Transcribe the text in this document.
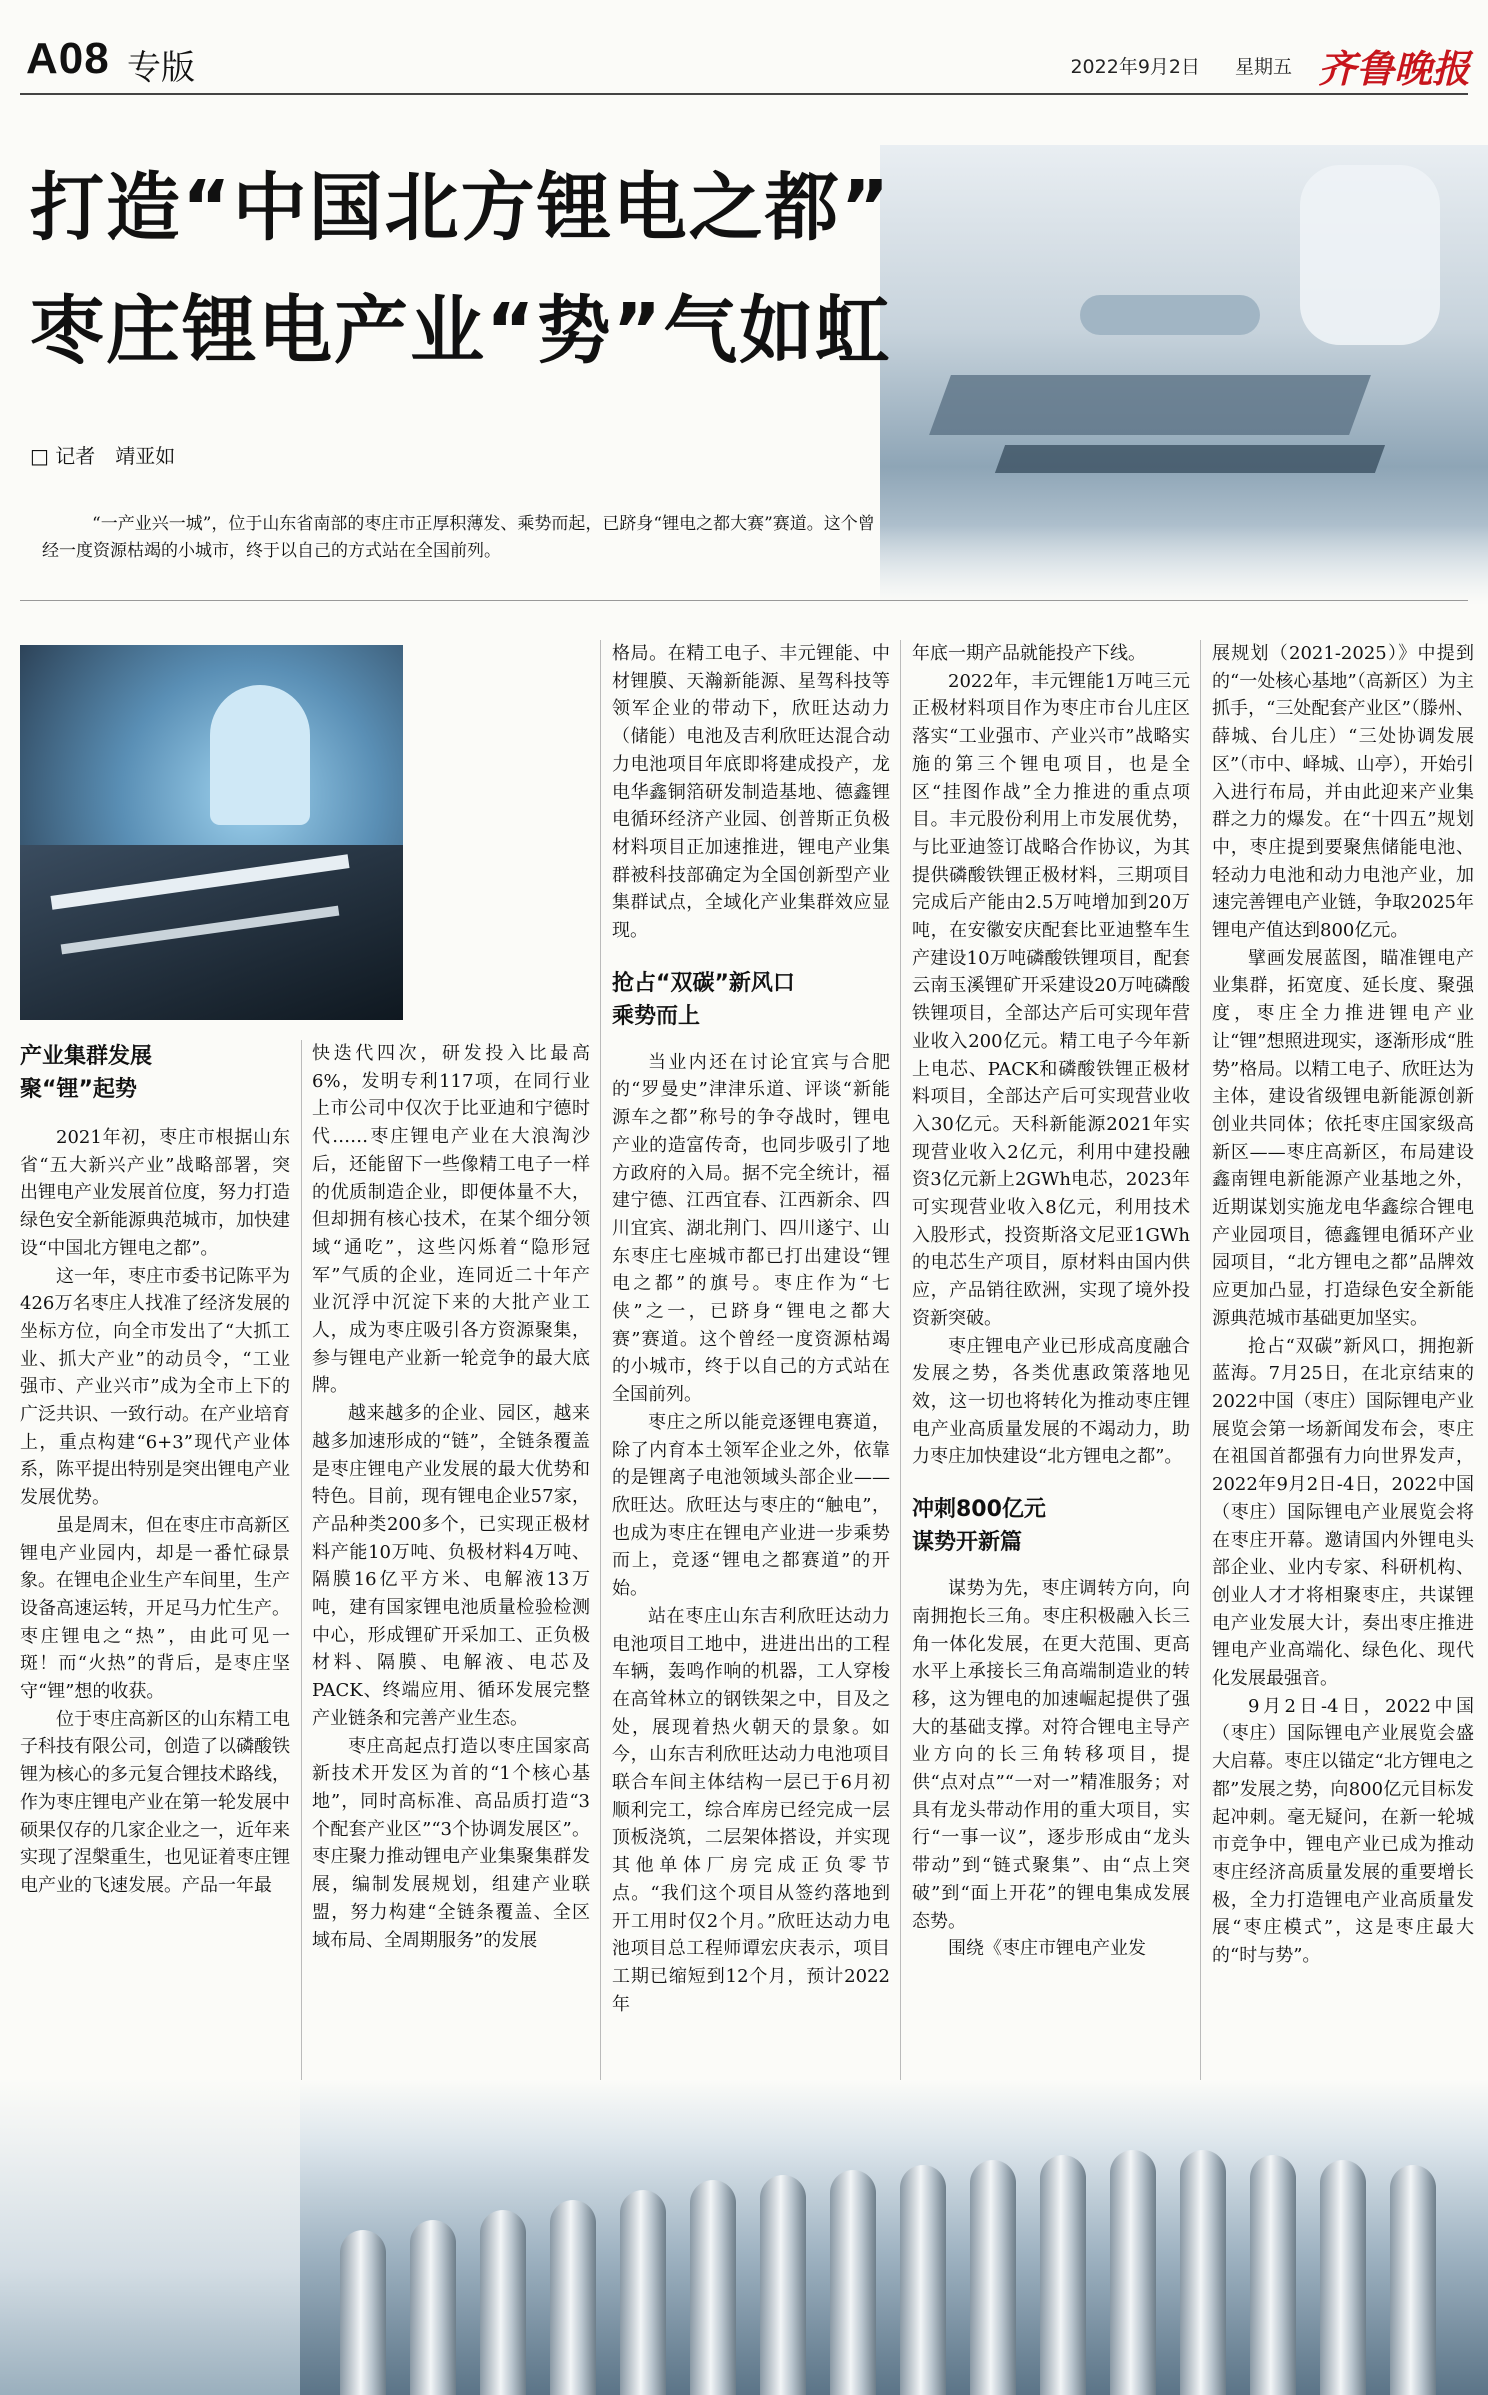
A08 专版	2022年9月2日 星期五 齐鲁晚报
打造“中国北方锂电之都”
枣庄锂电产业“势”气如虹
□ 记者　靖亚如
“一产业兴一城”，位于山东省南部的枣庄市正厚积薄发、乘势而起，已跻身“锂电之都大赛”赛道。这个曾经一度资源枯竭的小城市，终于以自己的方式站在全国前列。
产业集群发展
聚“锂”起势

2021年初，枣庄市根据山东省“五大新兴产业”战略部署，突出锂电产业发展首位度，努力打造绿色安全新能源典范城市，加快建设“中国北方锂电之都”。

这一年，枣庄市委书记陈平为426万名枣庄人找准了经济发展的坐标方位，向全市发出了“大抓工业、抓大产业”的动员令，“工业强市、产业兴市”成为全市上下的广泛共识、一致行动。在产业培育上，重点构建“6+3”现代产业体系，陈平提出特别是突出锂电产业发展优势。

虽是周末，但在枣庄市高新区锂电产业园内，却是一番忙碌景象。在锂电企业生产车间里，生产设备高速运转，开足马力忙生产。枣庄锂电之“热”，由此可见一斑！而“火热”的背后，是枣庄坚守“锂”想的收获。

位于枣庄高新区的山东精工电子科技有限公司，创造了以磷酸铁锂为核心的多元复合锂技术路线，作为枣庄锂电产业在第一轮发展中硕果仅存的几家企业之一，近年来实现了涅槃重生，也见证着枣庄锂电产业的飞速发展。产品一年最

快迭代四次，研发投入比最高6%，发明专利117项，在同行业上市公司中仅次于比亚迪和宁德时代……枣庄锂电产业在大浪淘沙后，还能留下一些像精工电子一样的优质制造企业，即便体量不大，但却拥有核心技术，在某个细分领域“通吃”，这些闪烁着“隐形冠军”气质的企业，连同近二十年产业沉浮中沉淀下来的大批产业工人，成为枣庄吸引各方资源聚集，参与锂电产业新一轮竞争的最大底牌。

越来越多的企业、园区，越来越多加速形成的“链”，全链条覆盖是枣庄锂电产业发展的最大优势和特色。目前，现有锂电企业57家，产品种类200多个，已实现正极材料产能10万吨、负极材料4万吨、隔膜16亿平方米、电解液13万吨，建有国家锂电池质量检验检测中心，形成锂矿开采加工、正负极材料、隔膜、电解液、电芯及PACK、终端应用、循环发展完整产业链条和完善产业生态。

枣庄高起点打造以枣庄国家高新技术开发区为首的“1个核心基地”，同时高标准、高品质打造“3个配套产业区”“3个协调发展区”。枣庄聚力推动锂电产业集聚集群发展，编制发展规划，组建产业联盟，努力构建“全链条覆盖、全区域布局、全周期服务”的发展

格局。在精工电子、丰元锂能、中材锂膜、天瀚新能源、星驾科技等领军企业的带动下，欣旺达动力（储能）电池及吉利欣旺达混合动力电池项目年底即将建成投产，龙电华鑫铜箔研发制造基地、德鑫锂电循环经济产业园、创普斯正负极材料项目正加速推进，锂电产业集群被科技部确定为全国创新型产业集群试点，全域化产业集群效应显现。

抢占“双碳”新风口
乘势而上

当业内还在讨论宜宾与合肥的“罗曼史”津津乐道、评谈“新能源车之都”称号的争夺战时，锂电产业的造富传奇，也同步吸引了地方政府的入局。据不完全统计，福建宁德、江西宜春、江西新余、四川宜宾、湖北荆门、四川遂宁、山东枣庄七座城市都已打出建设“锂电之都”的旗号。枣庄作为“七侠”之一，已跻身“锂电之都大赛”赛道。这个曾经一度资源枯竭的小城市，终于以自己的方式站在全国前列。

枣庄之所以能竞逐锂电赛道，除了内育本土领军企业之外，依靠的是锂离子电池领域头部企业——欣旺达。欣旺达与枣庄的“触电”，也成为枣庄在锂电产业进一步乘势而上，竞逐“锂电之都赛道”的开始。

站在枣庄山东吉利欣旺达动力电池项目工地中，进进出出的工程车辆，轰鸣作响的机器，工人穿梭在高耸林立的钢铁架之中，目及之处，展现着热火朝天的景象。如今，山东吉利欣旺达动力电池项目联合车间主体结构一层已于6月初顺利完工，综合库房已经完成一层顶板浇筑，二层架体搭设，并实现其他单体厂房完成正负零节点。“我们这个项目从签约落地到开工用时仅2个月。”欣旺达动力电池项目总工程师谭宏庆表示，项目工期已缩短到12个月，预计2022年

年底一期产品就能投产下线。

2022年，丰元锂能1万吨三元正极材料项目作为枣庄市台儿庄区落实“工业强市、产业兴市”战略实施的第三个锂电项目，也是全区“挂图作战”全力推进的重点项目。丰元股份利用上市发展优势，与比亚迪签订战略合作协议，为其提供磷酸铁锂正极材料，三期项目完成后产能由2.5万吨增加到20万吨，在安徽安庆配套比亚迪整车生产建设10万吨磷酸铁锂项目，配套云南玉溪锂矿开采建设20万吨磷酸铁锂项目，全部达产后可实现年营业收入200亿元。精工电子今年新上电芯、PACK和磷酸铁锂正极材料项目，全部达产后可实现营业收入30亿元。天科新能源2021年实现营业收入2亿元，利用中建投融资3亿元新上2GWh电芯，2023年可实现营业收入8亿元，利用技术入股形式，投资斯洛文尼亚1GWh的电芯生产项目，原材料由国内供应，产品销往欧洲，实现了境外投资新突破。

枣庄锂电产业已形成高度融合发展之势，各类优惠政策落地见效，这一切也将转化为推动枣庄锂电产业高质量发展的不竭动力，助力枣庄加快建设“北方锂电之都”。

冲刺800亿元
谋势开新篇

谋势为先，枣庄调转方向，向南拥抱长三角。枣庄积极融入长三角一体化发展，在更大范围、更高水平上承接长三角高端制造业的转移，这为锂电的加速崛起提供了强大的基础支撑。对符合锂电主导产业方向的长三角转移项目，提供“点对点”“一对一”精准服务；对具有龙头带动作用的重大项目，实行“一事一议”，逐步形成由“龙头带动”到“链式聚集”、由“点上突破”到“面上开花”的锂电集成发展态势。

围绕《枣庄市锂电产业发

展规划（2021-2025）》中提到的“一处核心基地”（高新区）为主抓手，“三处配套产业区”（滕州、薛城、台儿庄）“三处协调发展区”（市中、峄城、山亭），开始引入进行布局，并由此迎来产业集群之力的爆发。在“十四五”规划中，枣庄提到要聚焦储能电池、轻动力电池和动力电池产业，加速完善锂电产业链，争取2025年锂电产值达到800亿元。

擘画发展蓝图，瞄准锂电产业集群，拓宽度、延长度、聚强度，枣庄全力推进锂电产业让“锂”想照进现实，逐渐形成“胜势”格局。以精工电子、欣旺达为主体，建设省级锂电新能源创新创业共同体；依托枣庄国家级高新区——枣庄高新区，布局建设鑫南锂电新能源产业基地之外，近期谋划实施龙电华鑫综合锂电产业园项目，德鑫锂电循环产业园项目，“北方锂电之都”品牌效应更加凸显，打造绿色安全新能源典范城市基础更加坚实。

抢占“双碳”新风口，拥抱新蓝海。7月25日，在北京结束的2022中国（枣庄）国际锂电产业展览会第一场新闻发布会，枣庄在祖国首都强有力向世界发声，2022年9月2日-4日，2022中国（枣庄）国际锂电产业展览会将在枣庄开幕。邀请国内外锂电头部企业、业内专家、科研机构、创业人才才将相聚枣庄，共谋锂电产业发展大计，奏出枣庄推进锂电产业高端化、绿色化、现代化发展最强音。

9月2日-4日，2022中国（枣庄）国际锂电产业展览会盛大启幕。枣庄以锚定“北方锂电之都”发展之势，向800亿元目标发起冲刺。毫无疑问，在新一轮城市竞争中，锂电产业已成为推动枣庄经济高质量发展的重要增长极，全力打造锂电产业高质量发展“枣庄模式”，这是枣庄最大的“时与势”。
